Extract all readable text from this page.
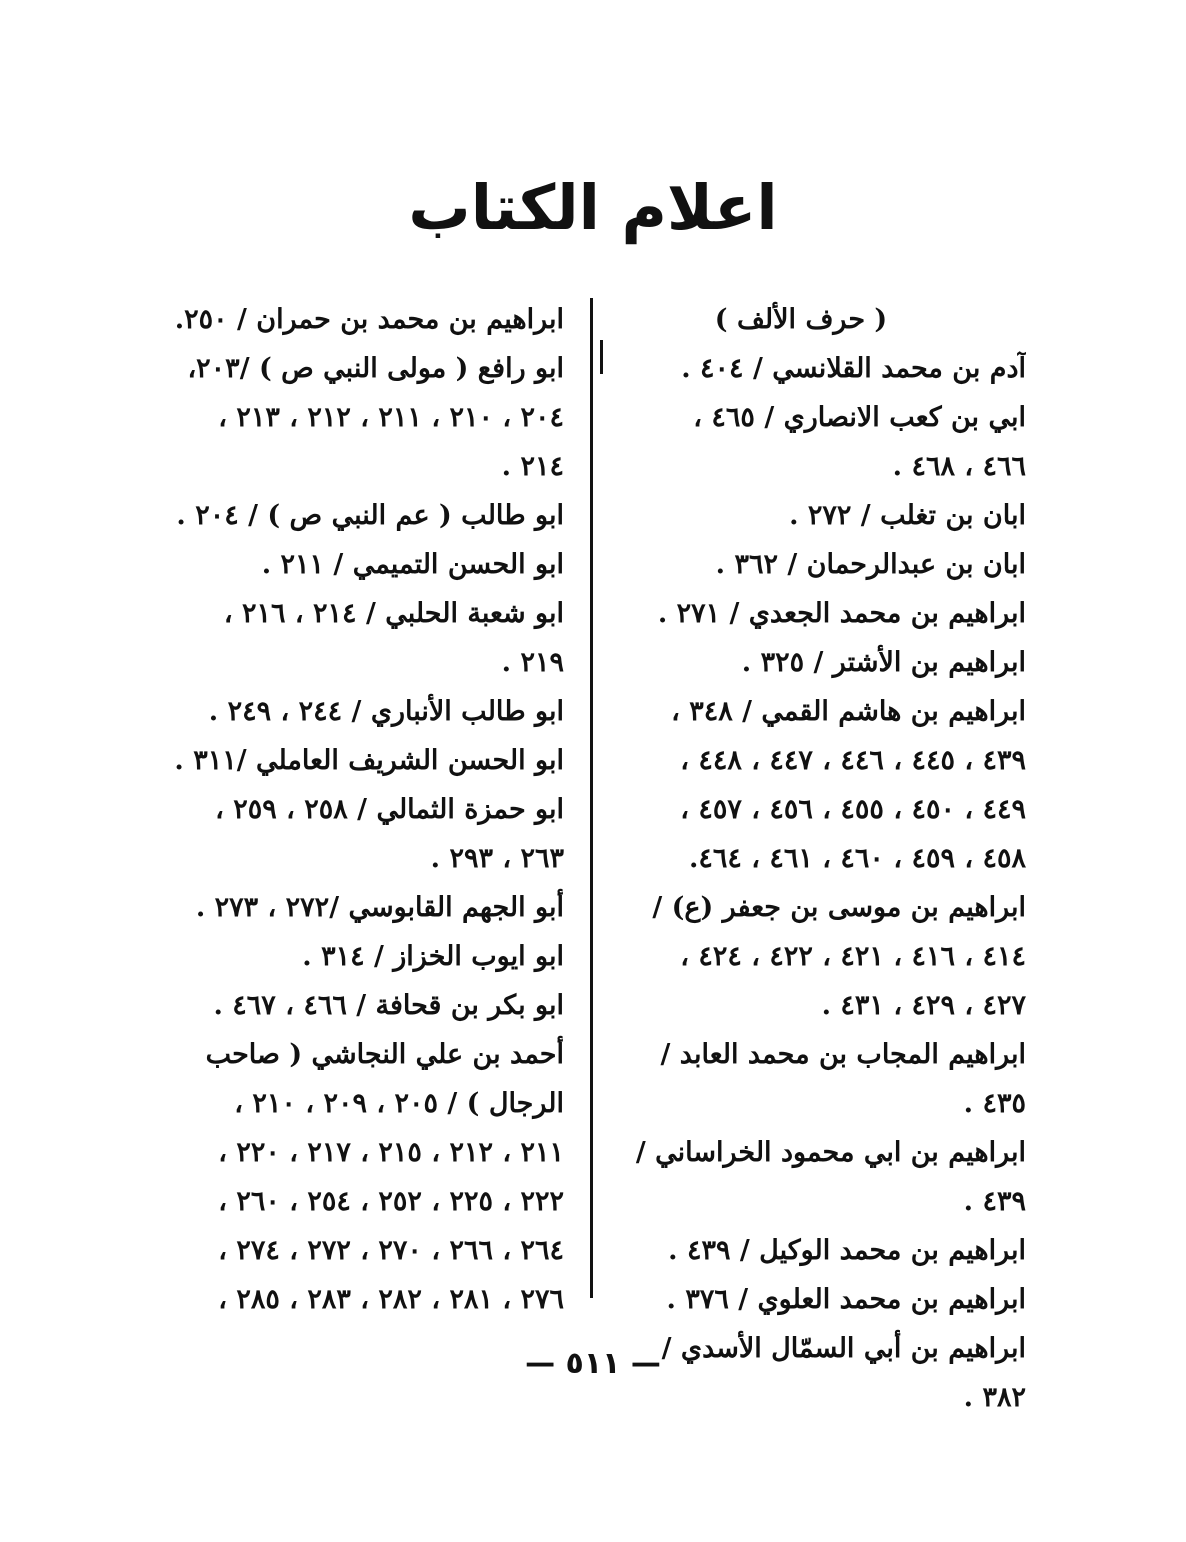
اعلام الكتاب
( حرف الألف )
آدم بن محمد القلانسي / ٤٠٤ .
ابي بن كعب الانصاري / ٤٦٥ ،
٤٦٦ ، ٤٦٨ .
ابان بن تغلب / ٢٧٢ .
ابان بن عبدالرحمان / ٣٦٢ .
ابراهيم بن محمد الجعدي / ٢٧١ .
ابراهيم بن الأشتر / ٣٢٥ .
ابراهيم بن هاشم القمي / ٣٤٨ ،
٤٣٩ ، ٤٤٥ ، ٤٤٦ ، ٤٤٧ ، ٤٤٨ ،
٤٤٩ ، ٤٥٠ ، ٤٥٥ ، ٤٥٦ ، ٤٥٧ ،
٤٥٨ ، ٤٥٩ ، ٤٦٠ ، ٤٦١ ، ٤٦٤.
ابراهيم بن موسى بن جعفر (ع) /
٤١٤ ، ٤١٦ ، ٤٢١ ، ٤٢٢ ، ٤٢٤ ،
٤٢٧ ، ٤٢٩ ، ٤٣١ .
ابراهيم المجاب بن محمد العابد /
٤٣٥ .
ابراهيم بن ابي محمود الخراساني /
٤٣٩ .
ابراهيم بن محمد الوكيل / ٤٣٩ .
ابراهيم بن محمد العلوي / ٣٧٦ .
ابراهيم بن أبي السمّال الأسدي /
٣٨٢ .
ابراهيم بن محمد بن حمران / ٢٥٠.
ابو رافع ( مولى النبي ص ) /٢٠٣،
٢٠٤ ، ٢١٠ ، ٢١١ ، ٢١٢ ، ٢١٣ ،
٢١٤ .
ابو طالب ( عم النبي ص ) / ٢٠٤ .
ابو الحسن التميمي / ٢١١ .
ابو شعبة الحلبي / ٢١٤ ، ٢١٦ ،
٢١٩ .
ابو طالب الأنباري / ٢٤٤ ، ٢٤٩ .
ابو الحسن الشريف العاملي /٣١١ .
ابو حمزة الثمالي / ٢٥٨ ، ٢٥٩ ،
٢٦٣ ، ٢٩٣ .
أبو الجهم القابوسي /٢٧٢ ، ٢٧٣ .
ابو ايوب الخزاز / ٣١٤ .
ابو بكر بن قحافة / ٤٦٦ ، ٤٦٧ .
أحمد بن علي النجاشي ( صاحب
الرجال ) / ٢٠٥ ، ٢٠٩ ، ٢١٠ ،
٢١١ ، ٢١٢ ، ٢١٥ ، ٢١٧ ، ٢٢٠ ،
٢٢٢ ، ٢٢٥ ، ٢٥٢ ، ٢٥٤ ، ٢٦٠ ،
٢٦٤ ، ٢٦٦ ، ٢٧٠ ، ٢٧٢ ، ٢٧٤ ،
٢٧٦ ، ٢٨١ ، ٢٨٢ ، ٢٨٣ ، ٢٨٥ ،
— ٥١١ —
